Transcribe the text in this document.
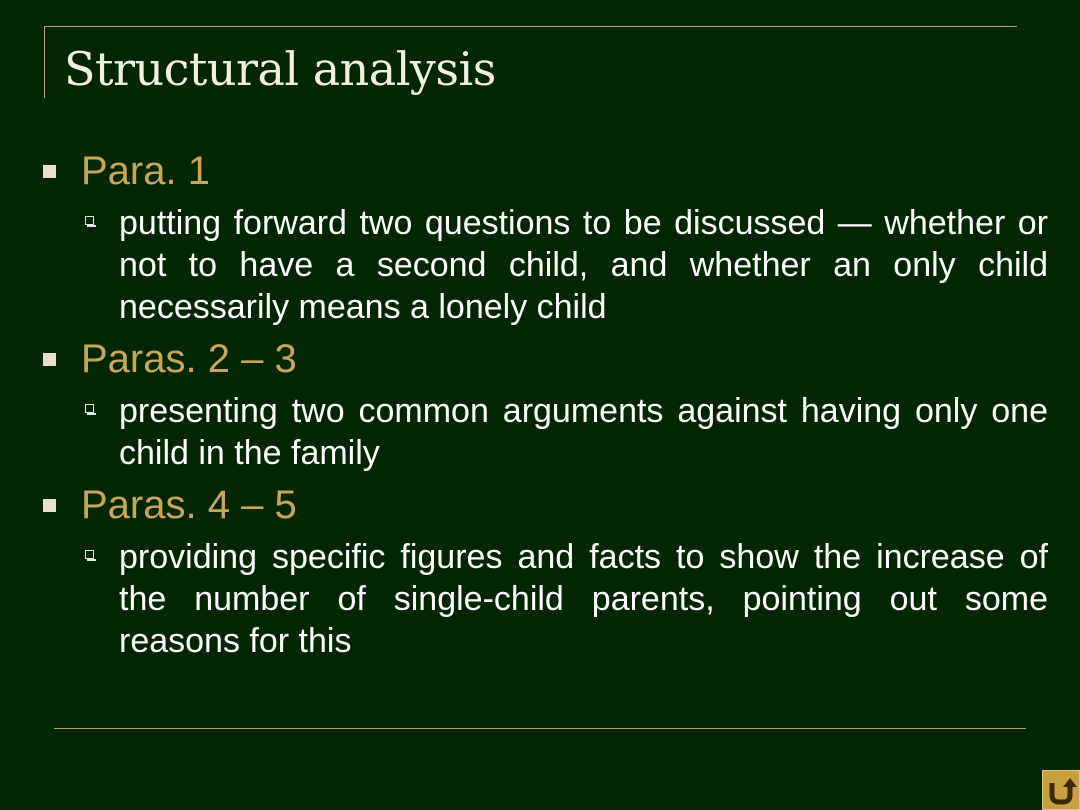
Structural analysis
Para. 1
putting forward two questions to be discussed — whether or not to have a second child, and whether an only child necessarily means a lonely child
Paras. 2 – 3
presenting two common arguments against having only one child in the family
Paras. 4 – 5
providing specific figures and facts to show the increase of the number of single-child parents, pointing out some reasons for this
